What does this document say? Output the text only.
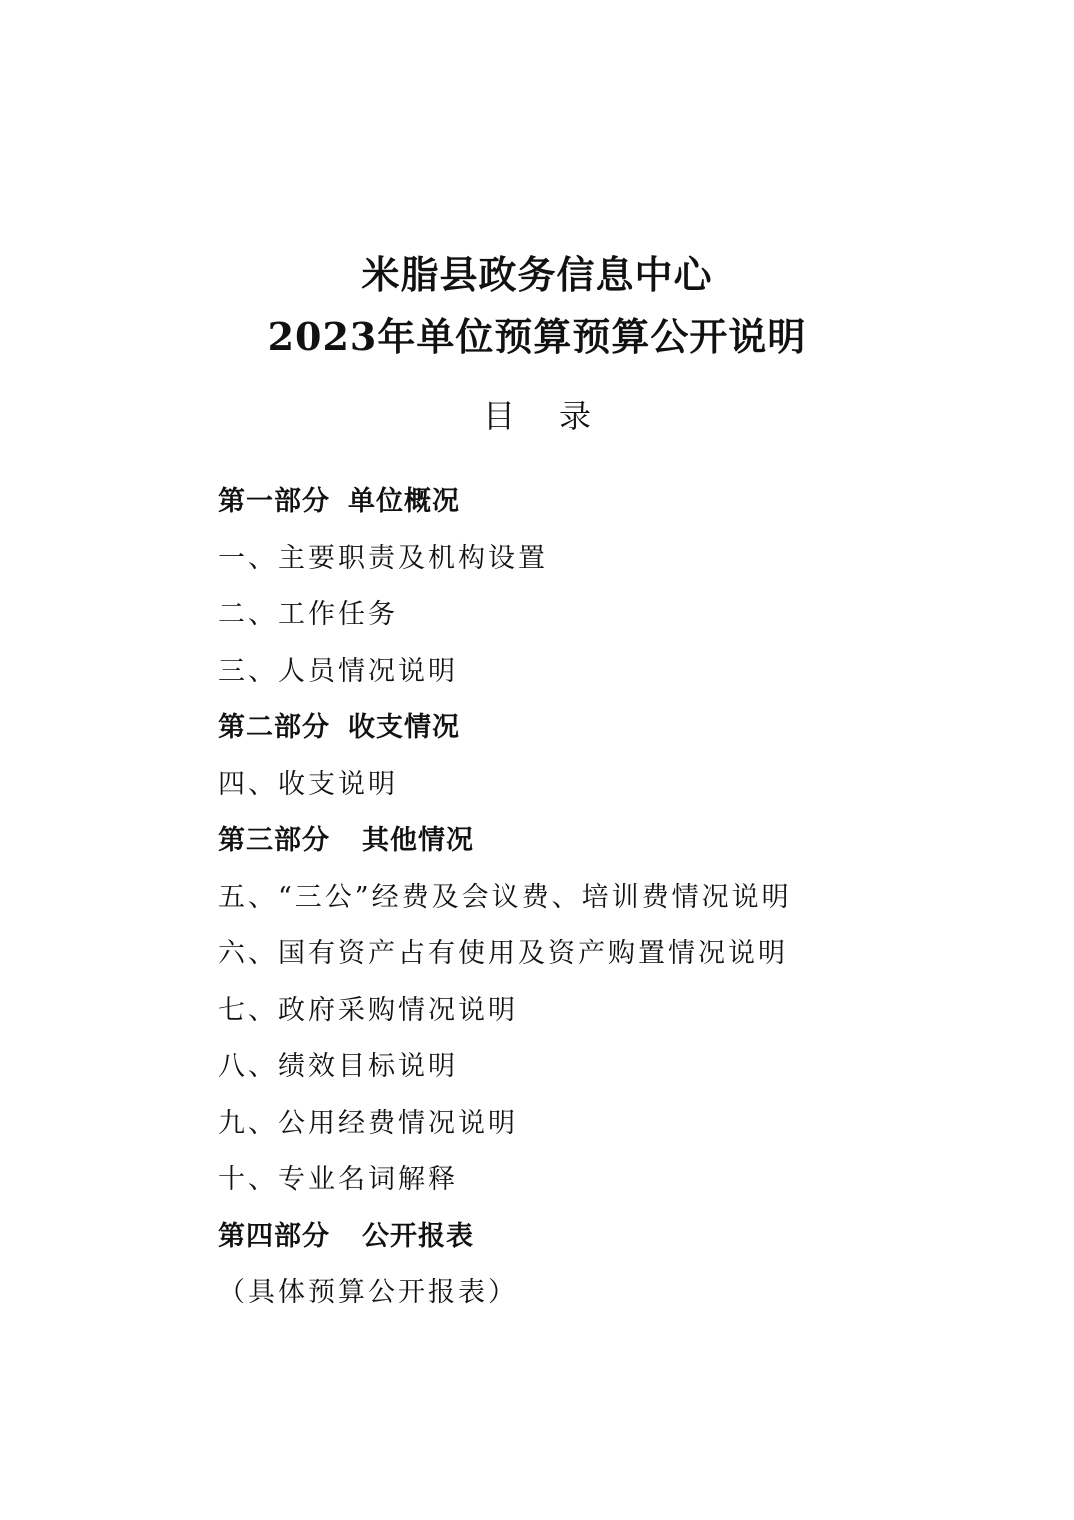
米脂县政务信息中心
2023年单位预算预算公开说明
目 录
第一部分 单位概况
一、主要职责及机构设置
二、工作任务
三、人员情况说明
第二部分 收支情况
四、收支说明
第三部分 其他情况
五、“三公”经费及会议费、培训费情况说明
六、国有资产占有使用及资产购置情况说明
七、政府采购情况说明
八、绩效目标说明
九、公用经费情况说明
十、专业名词解释
第四部分 公开报表
（具体预算公开报表）
